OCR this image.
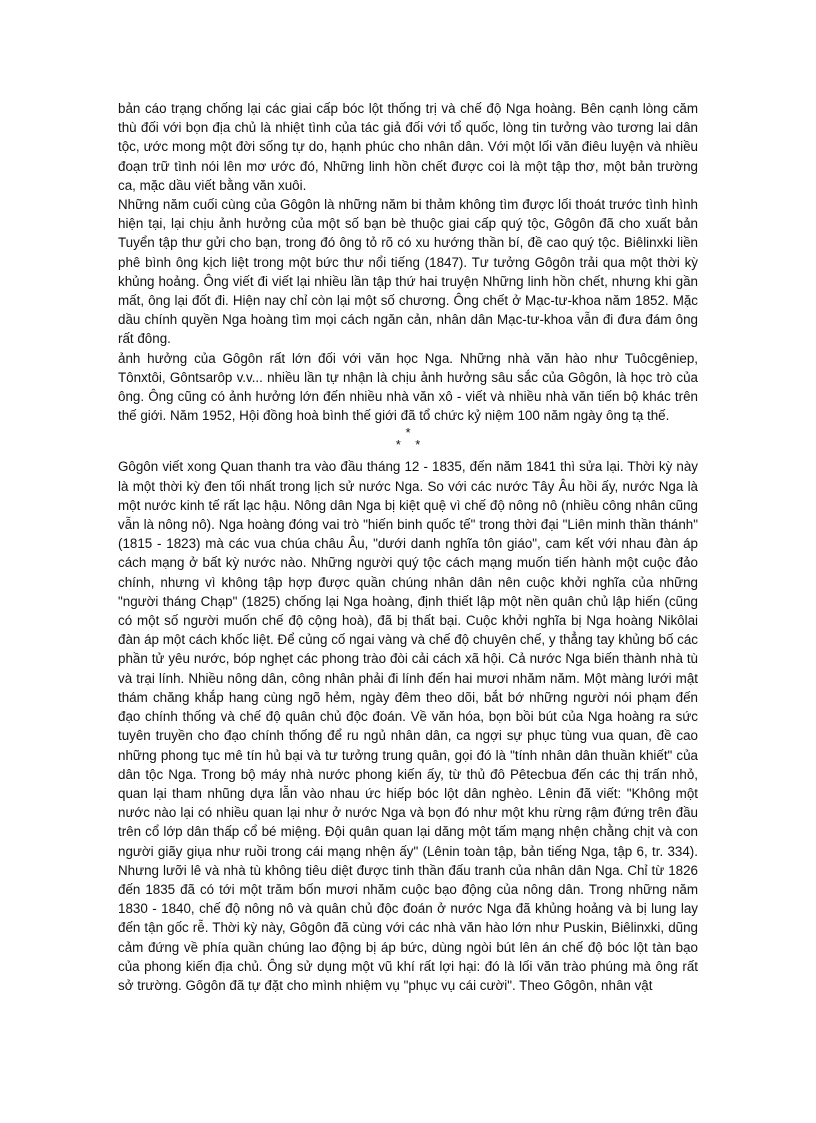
bản cáo trạng chống lại các giai cấp bóc lột thống trị và chế độ Nga hoàng. Bên cạnh lòng căm thù đối với bọn địa chủ là nhiệt tình của tác giả đối với tổ quốc, lòng tin tưởng vào tương lai dân tộc, ước mong một đời sống tự do, hạnh phúc cho nhân dân. Với một lối văn điêu luyện và nhiều đoạn trữ tình nói lên mơ ước đó, Những linh hồn chết được coi là một tập thơ, một bản trường ca, mặc dầu viết bằng văn xuôi.

Những năm cuối cùng của Gôgôn là những năm bi thảm không tìm được lối thoát trước tình hình hiện tại, lại chịu ảnh hưởng của một số bạn bè thuộc giai cấp quý tộc, Gôgôn đã cho xuất bản Tuyển tập thư gửi cho bạn, trong đó ông tỏ rõ có xu hướng thần bí, đề cao quý tộc. Biêlinxki liền phê bình ông kịch liệt trong một bức thư nổi tiếng (1847). Tư tưởng Gôgôn trải qua một thời kỳ khủng hoảng. Ông viết đi viết lại nhiều lần tập thứ hai truyện Những linh hồn chết, nhưng khi gần mất, ông lại đốt đi. Hiện nay chỉ còn lại một số chương. Ông chết ở Mạc-tư-khoa năm 1852. Mặc dầu chính quyền Nga hoàng tìm mọi cách ngăn cản, nhân dân Mạc-tư-khoa vẫn đi đưa đám ông rất đông.

ảnh hưởng của Gôgôn rất lớn đối với văn học Nga. Những nhà văn hào như Tuôcgêniep, Tônxtôi, Gôntsarôp v.v... nhiều lần tự nhận là chịu ảnh hưởng sâu sắc của Gôgôn, là học trò của ông. Ông cũng có ảnh hưởng lớn đến nhiều nhà văn xô - viết và nhiều nhà văn tiến bộ khác trên thế giới. Năm 1952, Hội đồng hoà bình thế giới đã tổ chức kỷ niệm 100 năm ngày ông tạ thế.

*

*    *

Gôgôn viết xong Quan thanh tra vào đầu tháng 12 - 1835, đến năm 1841 thì sửa lại. Thời kỳ này là một thời kỳ đen tối nhất trong lịch sử nước Nga. So với các nước Tây Âu hồi ấy, nước Nga là một nước kinh tế rất lạc hậu. Nông dân Nga bị kiệt quệ vì chế độ nông nô (nhiều công nhân cũng vẫn là nông nô). Nga hoàng đóng vai trò "hiến binh quốc tế" trong thời đại "Liên minh thần thánh" (1815 - 1823) mà các vua chúa châu Âu, "dưới danh nghĩa tôn giáo", cam kết với nhau đàn áp cách mạng ở bất kỳ nước nào. Những người quý tộc cách mạng muốn tiến hành một cuộc đảo chính, nhưng vì không tập hợp được quần chúng nhân dân nên cuộc khởi nghĩa của những "người tháng Chạp" (1825) chống lại Nga hoàng, định thiết lập một nền quân chủ lập hiến (cũng có một số người muốn chế độ cộng hoà), đã bị thất bại. Cuộc khởi nghĩa bị Nga hoàng Nikôlai đàn áp một cách khốc liệt. Để củng cố ngai vàng và chế độ chuyên chế, y thẳng tay khủng bố các phần tử yêu nước, bóp nghẹt các phong trào đòi cải cách xã hội. Cả nước Nga biến thành nhà tù và trại lính. Nhiều nông dân, công nhân phải đi lính đến hai mươi nhăm năm. Một màng lưới mật thám chăng khắp hang cùng ngõ hẻm, ngày đêm theo dõi, bắt bớ những người nói phạm đến đạo chính thống và chế độ quân chủ độc đoán. Về văn hóa, bọn bồi bút của Nga hoàng ra sức tuyên truyền cho đạo chính thống để ru ngủ nhân dân, ca ngợi sự phục tùng vua quan, đề cao những phong tục mê tín hủ bại và tư tưởng trung quân, gọi đó là "tính nhân dân thuần khiết" của dân tộc Nga. Trong bộ máy nhà nước phong kiến ấy, từ thủ đô Pêtecbua đến các thị trấn nhỏ, quan lại tham nhũng dựa lẫn vào nhau ức hiếp bóc lột dân nghèo. Lênin đã viết: "Không một nước nào lại có nhiều quan lại như ở nước Nga và bọn đó như một khu rừng rậm đứng trên đầu trên cổ lớp dân thấp cổ bé miệng. Đội quân quan lại dăng một tấm mạng nhện chằng chịt và con người giãy giụa như ruồi trong cái mạng nhện ấy" (Lênin toàn tập, bản tiếng Nga, tập 6, tr. 334). Nhưng lưỡi lê và nhà tù không tiêu diệt được tinh thần đấu tranh của nhân dân Nga. Chỉ từ 1826 đến 1835 đã có tới một trăm bốn mươi nhăm cuộc bạo động của nông dân. Trong những năm 1830 - 1840, chế độ nông nô và quân chủ độc đoán ở nước Nga đã khủng hoảng và bị lung lay đến tận gốc rễ. Thời kỳ này, Gôgôn đã cùng với các nhà văn hào lớn như Puskin, Biêlinxki, dũng cảm đứng về phía quần chúng lao động bị áp bức, dùng ngòi bút lên án chế độ bóc lột tàn bạo của phong kiến địa chủ. Ông sử dụng một vũ khí rất lợi hại: đó là lối văn trào phúng mà ông rất sở trường. Gôgôn đã tự đặt cho mình nhiệm vụ "phục vụ cái cười". Theo Gôgôn, nhân vật
